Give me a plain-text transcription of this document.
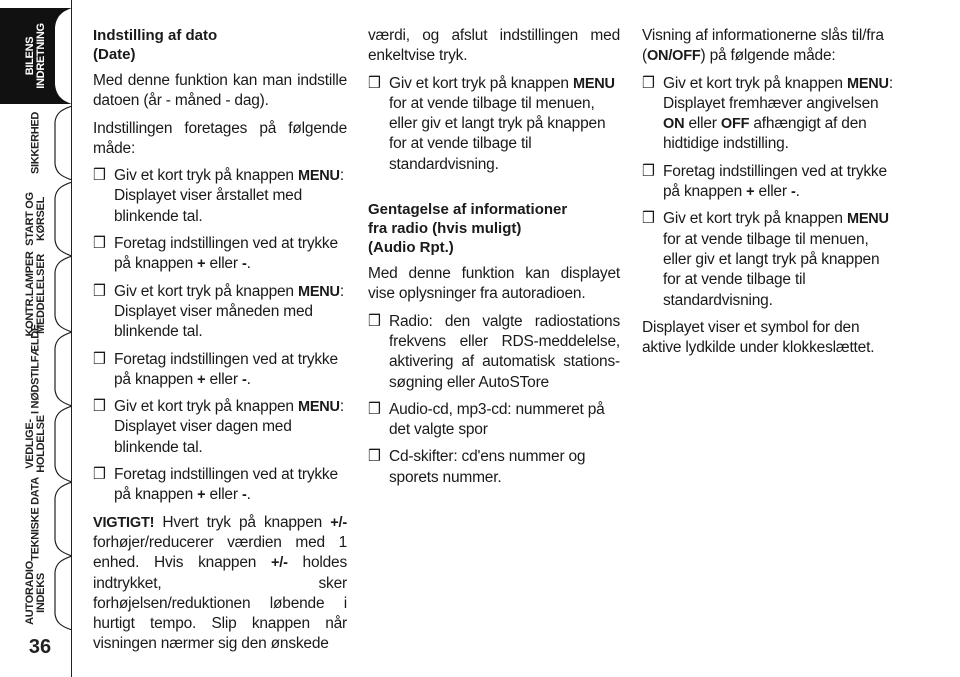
BILENS
INDRETNING
SIKKERHED
START OG
KØRSEL
KONTR.LAMPER
MEDDELELSER
I NØDSTILFÆLDE
VEDLIGE-
HOLDELSE
TEKNISKE DATA
AUTORADIO
INDEKS
36
Indstilling af dato
(Date)

Med denne funktion kan man indstille datoen (år - måned - dag).

Indstillingen foretages på følgende måde:

❒ Giv et kort tryk på knappen MENU: Displayet viser årstallet med blinkende tal.
❒ Foretag indstillingen ved at trykke på knappen + eller -.
❒ Giv et kort tryk på knappen MENU: Displayet viser måneden med blinkende tal.
❒ Foretag indstillingen ved at trykke på knappen + eller -.
❒ Giv et kort tryk på knappen MENU: Displayet viser dagen med blinkende tal.
❒ Foretag indstillingen ved at trykke på knappen + eller -.

VIGTIGT! Hvert tryk på knappen +/- forhøjer/reducerer værdien med 1 enhed. Hvis knappen +/- holdes indtrykket, sker forhøjelsen/reduktionen løbende i hurtigt tempo. Slip knappen når visningen nærmer sig den ønskede

værdi, og afslut indstillingen med enkeltvise tryk.

❒ Giv et kort tryk på knappen MENU for at vende tilbage til menuen, eller giv et langt tryk på knappen for at vende tilbage til standardvisning.
Gentagelse af informationer
fra radio (hvis muligt)
(Audio Rpt.)

Med denne funktion kan displayet vise oplysninger fra autoradioen.

❒ Radio: den valgte radiostations frekvens eller RDS-meddelelse, aktivering af automatisk stations-søgning eller AutoSTore
❒ Audio-cd, mp3-cd: nummeret på det valgte spor
❒ Cd-skifter: cd'ens nummer og sporets nummer.

Visning af informationerne slås til/fra (ON/OFF) på følgende måde:

❒ Giv et kort tryk på knappen MENU: Displayet fremhæver angivelsen ON eller OFF afhængigt af den hidtidige indstilling.
❒ Foretag indstillingen ved at trykke på knappen + eller -.
❒ Giv et kort tryk på knappen MENU for at vende tilbage til menuen, eller giv et langt tryk på knappen for at vende tilbage til standardvisning.

Displayet viser et symbol for den aktive lydkilde under klokkeslættet.
